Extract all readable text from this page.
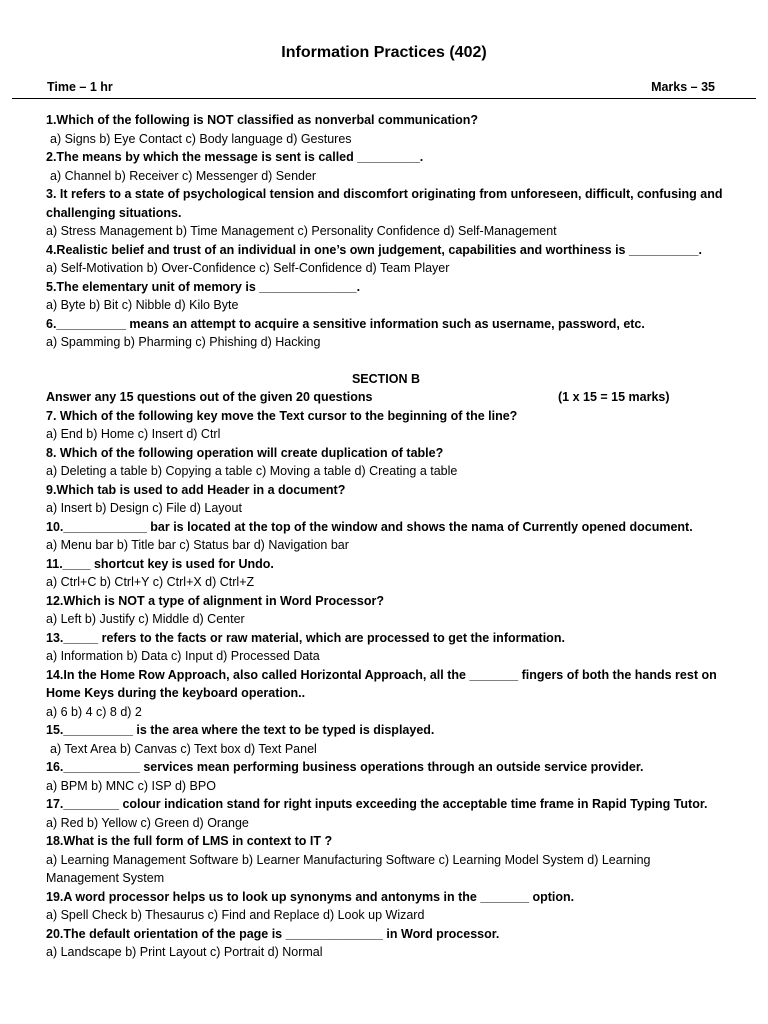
Information Practices (402)
Time – 1 hr	Marks – 35
1.Which of the following is NOT classified as nonverbal communication?
a) Signs b) Eye Contact c) Body language d) Gestures
2.The means by which the message is sent is called _________.
a) Channel b) Receiver c) Messenger d) Sender
3. It refers to a state of psychological tension and discomfort originating from unforeseen, difficult, confusing and challenging situations.
a) Stress Management b) Time Management c) Personality Confidence d) Self-Management
4.Realistic belief and trust of an individual in one’s own judgement, capabilities and worthiness is __________.
a) Self-Motivation b) Over-Confidence c) Self-Confidence d) Team Player
5.The elementary unit of memory is ______________.
a) Byte b) Bit c) Nibble d) Kilo Byte
6.__________ means an attempt to acquire a sensitive information such as username, password, etc.
a) Spamming b) Pharming c) Phishing d) Hacking
SECTION B
Answer any 15 questions out of the given 20 questions	(1 x 15 = 15 marks)
7. Which of the following key move the Text cursor to the beginning of the line?
a) End b) Home c) Insert d) Ctrl
8. Which of the following operation will create duplication of table?
a) Deleting a table b) Copying a table c) Moving a table d) Creating a table
9.Which tab is used to add Header in a document?
a) Insert b) Design c) File d) Layout
10.____________ bar is located at the top of the window and shows the nama of Currently opened document.
a) Menu bar b) Title bar c) Status bar d) Navigation bar
11.____ shortcut key is used for Undo.
a) Ctrl+C b) Ctrl+Y c) Ctrl+X d) Ctrl+Z
12.Which is NOT a type of alignment in Word Processor?
a) Left b) Justify c) Middle d) Center
13._____ refers to the facts or raw material, which are processed to get the information.
a) Information b) Data c) Input d) Processed Data
14.In the Home Row Approach, also called Horizontal Approach, all the _______ fingers of both the hands rest on Home Keys during the keyboard operation..
a) 6 b) 4 c) 8 d) 2
15.__________ is the area where the text to be typed is displayed.
a) Text Area b) Canvas c) Text box d) Text Panel
16.___________ services mean performing business operations through an outside service provider.
a) BPM b) MNC c) ISP d) BPO
17.________ colour indication stand for right inputs exceeding the acceptable time frame in Rapid Typing Tutor.
a) Red b) Yellow c) Green d) Orange
18.What is the full form of LMS in context to IT ?
a) Learning Management Software b) Learner Manufacturing Software c) Learning Model System d) Learning Management System
19.A word processor helps us to look up synonyms and antonyms in the _______ option.
a) Spell Check b) Thesaurus c) Find and Replace d) Look up Wizard
20.The default orientation of the page is ______________ in Word processor.
a) Landscape b) Print Layout c) Portrait d) Normal
